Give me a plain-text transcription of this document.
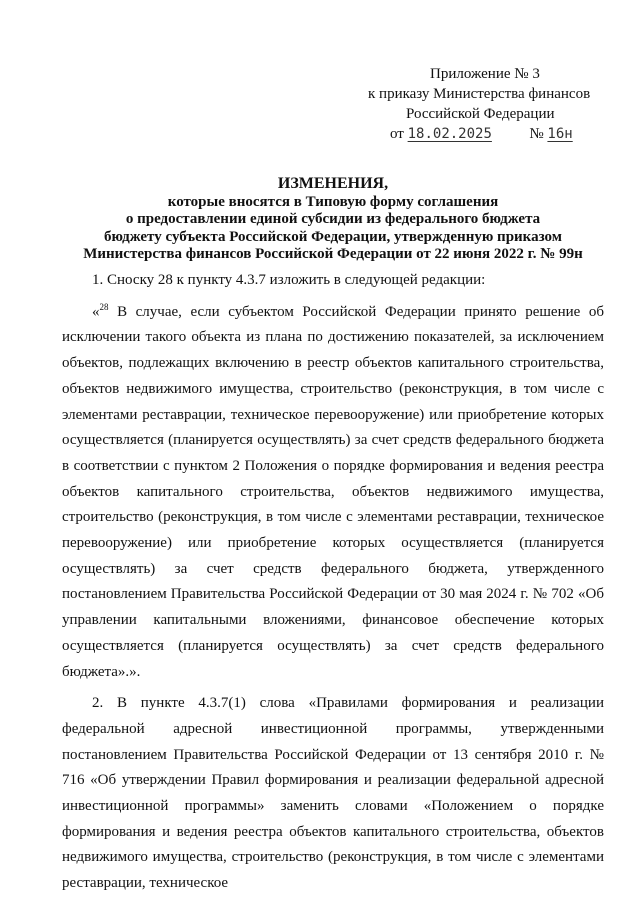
Приложение № 3
к приказу Министерства финансов
Российской Федерации
от 18.02.2025 № 16н
ИЗМЕНЕНИЯ,
которые вносятся в Типовую форму соглашения
о предоставлении единой субсидии из федерального бюджета
бюджету субъекта Российской Федерации, утвержденную приказом
Министерства финансов Российской Федерации от 22 июня 2022 г. № 99н

1. Сноску 28 к пункту 4.3.7 изложить в следующей редакции:

«$^{28}$ В случае, если субъектом Российской Федерации принято решение об исключении такого объекта из плана по достижению показателей, за исключением объектов, подлежащих включению в реестр объектов капитального строительства, объектов недвижимого имущества, строительство (реконструкция, в том числе с элементами реставрации, техническое перевооружение) или приобретение которых осуществляется (планируется осуществлять) за счет средств федерального бюджета в соответствии с пунктом 2 Положения о порядке формирования и ведения реестра объектов капитального строительства, объектов недвижимого имущества, строительство (реконструкция, в том числе с элементами реставрации, техническое перевооружение) или приобретение которых осуществляется (планируется осуществлять) за счет средств федерального бюджета, утвержденного постановлением Правительства Российской Федерации от 30 мая 2024 г. № 702 «Об управлении капитальными вложениями, финансовое обеспечение которых осуществляется (планируется осуществлять) за счет средств федерального бюджета».».

2. В пункте 4.3.7(1) слова «Правилами формирования и реализации федеральной адресной инвестиционной программы, утвержденными постановлением Правительства Российской Федерации от 13 сентября 2010 г. № 716 «Об утверждении Правил формирования и реализации федеральной адресной инвестиционной программы» заменить словами «Положением о порядке формирования и ведения реестра объектов капитального строительства, объектов недвижимого имущества, строительство (реконструкция, в том числе с элементами реставрации, техническое
